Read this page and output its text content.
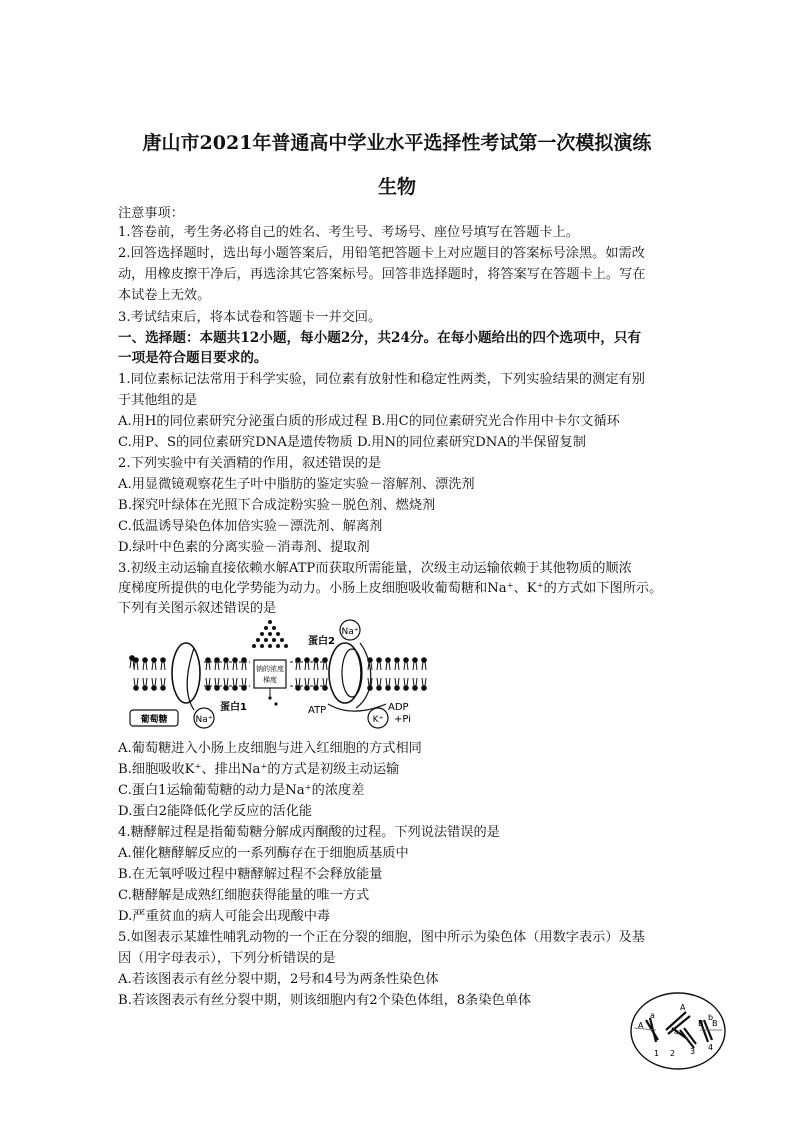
唐山市2021年普通高中学业水平选择性考试第一次模拟演练
生物
注意事项：
1.答卷前，考生务必将自己的姓名、考生号、考场号、座位号填写在答题卡上。
2.回答选择题时，选出每小题答案后，用铅笔把答题卡上对应题目的答案标号涂黑。如需改
动，用橡皮擦干净后，再选涂其它答案标号。回答非选择题时，将答案写在答题卡上。写在
本试卷上无效。
3.考试结束后，将本试卷和答题卡一并交回。
一、选择题：本题共12小题，每小题2分，共24分。在每小题给出的四个选项中，只有
一项是符合题目要求的。
1.同位素标记法常用于科学实验，同位素有放射性和稳定性两类，下列实验结果的测定有别
于其他组的是
A.用H的同位素研究分泌蛋白质的形成过程 B.用C的同位素研究光合作用中卡尔文循环
C.用P、S的同位素研究DNA是遗传物质 D.用N的同位素研究DNA的半保留复制
2.下列实验中有关酒精的作用，叙述错误的是
A.用显微镜观察花生子叶中脂肪的鉴定实验－溶解剂、漂洗剂
B.探究叶绿体在光照下合成淀粉实验－脱色剂、燃烧剂
C.低温诱导染色体加倍实验－漂洗剂、解离剂
D.绿叶中色素的分离实验－消毒剂、提取剂
3.初级主动运输直接依赖水解ATP而获取所需能量，次级主动运输依赖于其他物质的顺浓
度梯度所提供的电化学势能为动力。小肠上皮细胞吸收葡萄糖和Na⁺、K⁺的方式如下图所示。
下列有关图示叙述错误的是
钠的浓度
梯度
Na⁺
蛋白2
葡萄糖	Na⁺
蛋白1	ATP	ADP
+Pi
K⁺
A.葡萄糖进入小肠上皮细胞与进入红细胞的方式相同
B.细胞吸收K⁺、排出Na⁺的方式是初级主动运输
C.蛋白1运输葡萄糖的动力是Na⁺的浓度差
D.蛋白2能降低化学反应的活化能
4.糖酵解过程是指葡萄糖分解成丙酮酸的过程。下列说法错误的是
A.催化糖酵解反应的一系列酶存在于细胞质基质中
B.在无氧呼吸过程中糖酵解过程不会释放能量
C.糖酵解是成熟红细胞获得能量的唯一方式
D.严重贫血的病人可能会出现酸中毒
5.如图表示某雄性哺乳动物的一个正在分裂的细胞，图中所示为染色体（用数字表示）及基
因（用字母表示），下列分析错误的是
A.若该图表示有丝分裂中期，2号和4号为两条性染色体
B.若该图表示有丝分裂中期，则该细胞内有2个染色体组，8条染色单体
A
a
A
a
B
b
B
1 2 3 4
